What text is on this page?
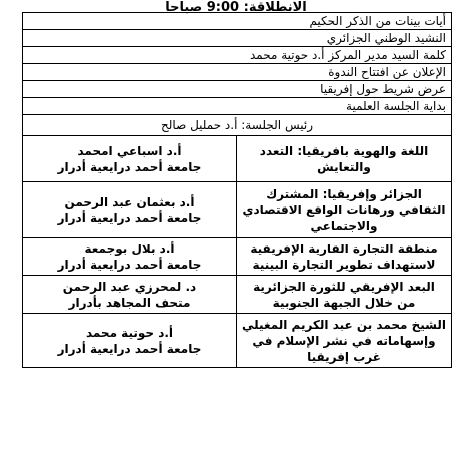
الانطلاقة: 9:00 صباحا
أيات بينات من الذكر الحكيم	
النشيد الوطني الجزائري	
كلمة السيد مدير المركز أ.د حوتية محمد	
الإعلان عن افتتاح الندوة	
عرض شريط حول إفريقيا	
بداية الجلسة العلمية	
رئيس الجلسة: أ.د حمليل صالح	
اللغة والهوية بافريقيا: التعدد والتعايش	أ.د اسباعي امحمد
جامعة أحمد درايعية أدرار

الجزائر وإفريقيا: المشترك الثقافي ورهانات الواقع الاقتصادي والاجتماعي	أ.د بعثمان عبد الرحمن
جامعة أحمد درايعية أدرار

منطقة التجارة القارية الإفريقية لاستهداف تطوير التجارة البينية	أ.د بلال بوجمعة
جامعة أحمد درايعية أدرار

البعد الإفريقي للثورة الجزائرية من خلال الجبهة الجنوبية	د. لمحرزي عبد الرحمن
متحف المجاهد بأدرار

الشيخ محمد بن عبد الكريم المغيلي وإسهاماته في نشر الإسلام في غرب إفريقيا	أ.د حوتية محمد
جامعة أحمد درايعية أدرار
